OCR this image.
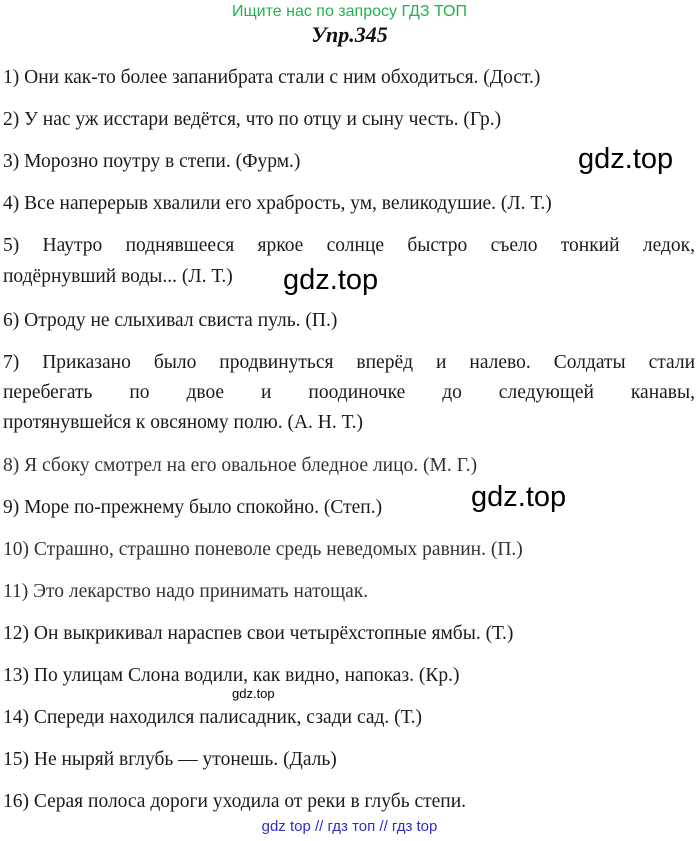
Ищите нас по запросу ГДЗ ТОП
Упр.345
1) Они как-то более запанибрата стали с ним обходиться. (Дост.)
2) У нас уж исстари ведётся, что по отцу и сыну честь. (Гр.)
3) Морозно поутру в степи. (Фурм.)
4) Все наперерыв хвалили его храбрость, ум, великодушие. (Л. Т.)
5) Наутро поднявшееся яркое солнце быстро съело тонкий ледок,
подёрнувший воды... (Л. Т.)
6) Отроду не слыхивал свиста пуль. (П.)
7) Приказано было продвинуться вперёд и налево. Солдаты стали
перебегать по двое и поодиночке до следующей канавы,
протянувшейся к овсяному полю. (А. Н. Т.)
8) Я сбоку смотрел на его овальное бледное лицо. (М. Г.)
9) Море по-прежнему было спокойно. (Степ.)
10) Страшно, страшно поневоле средь неведомых равнин. (П.)
11) Это лекарство надо принимать натощак.
12) Он выкрикивал нараспев свои четырёхстопные ямбы. (Т.)
13) По улицам Слона водили, как видно, напоказ. (Кр.)
14) Спереди находился палисадник, сзади сад. (Т.)
15) Не ныряй вглубь — утонешь. (Даль)
16) Серая полоса дороги уходила от реки в глубь степи.
gdz.top
gdz.top
gdz.top
gdz.top
gdz top // гдз топ // гдз top
